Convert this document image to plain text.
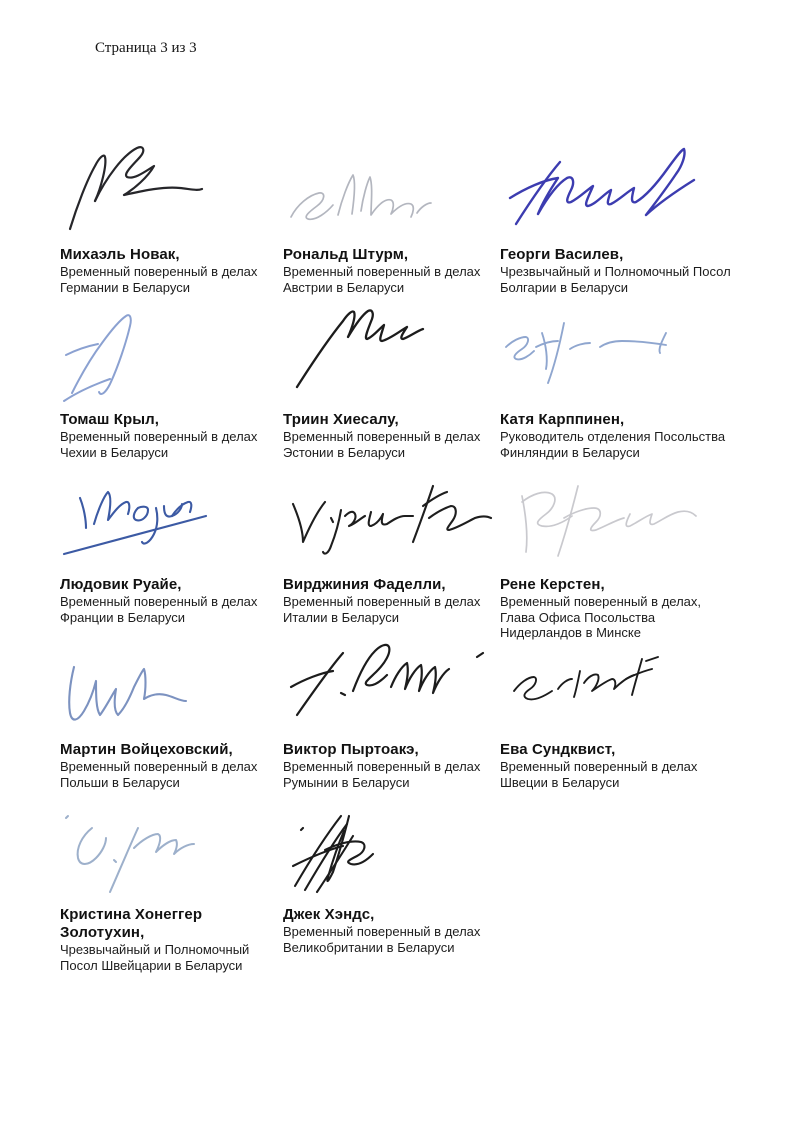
Страница 3 из 3
Михаэль Новак,
Временный поверенный в делах
Германии в Беларуси
Рональд Штурм,
Временный поверенный в делах
Австрии в Беларуси
Георги Василев,
Чрезвычайный и Полномочный Посол
Болгарии в Беларуси
Томаш Крыл,
Временный поверенный в делах
Чехии в Беларуси
Триин Хиесалу,
Временный поверенный в делах
Эстонии в Беларуси
Катя Карппинен,
Руководитель отделения Посольства
Финляндии в Беларуси
Людовик Руайе,
Временный поверенный в делах
Франции в Беларуси
Вирджиния Фаделли,
Временный поверенный в делах
Италии в Беларуси
Рене Керстен,
Временный поверенный в делах,
Глава Офиса Посольства
Нидерландов в Минске
Мартин Войцеховский,
Временный поверенный в делах
Польши в Беларуси
Виктор Пыртоакэ,
Временный поверенный в делах
Румынии в Беларуси
Ева Сундквист,
Временный поверенный в делах
Швеции в Беларуси
Кристина Хонеггер Золотухин,
Чрезвычайный и Полномочный
Посол Швейцарии в Беларуси
Джек Хэндс,
Временный поверенный в делах
Великобритании в Беларуси
